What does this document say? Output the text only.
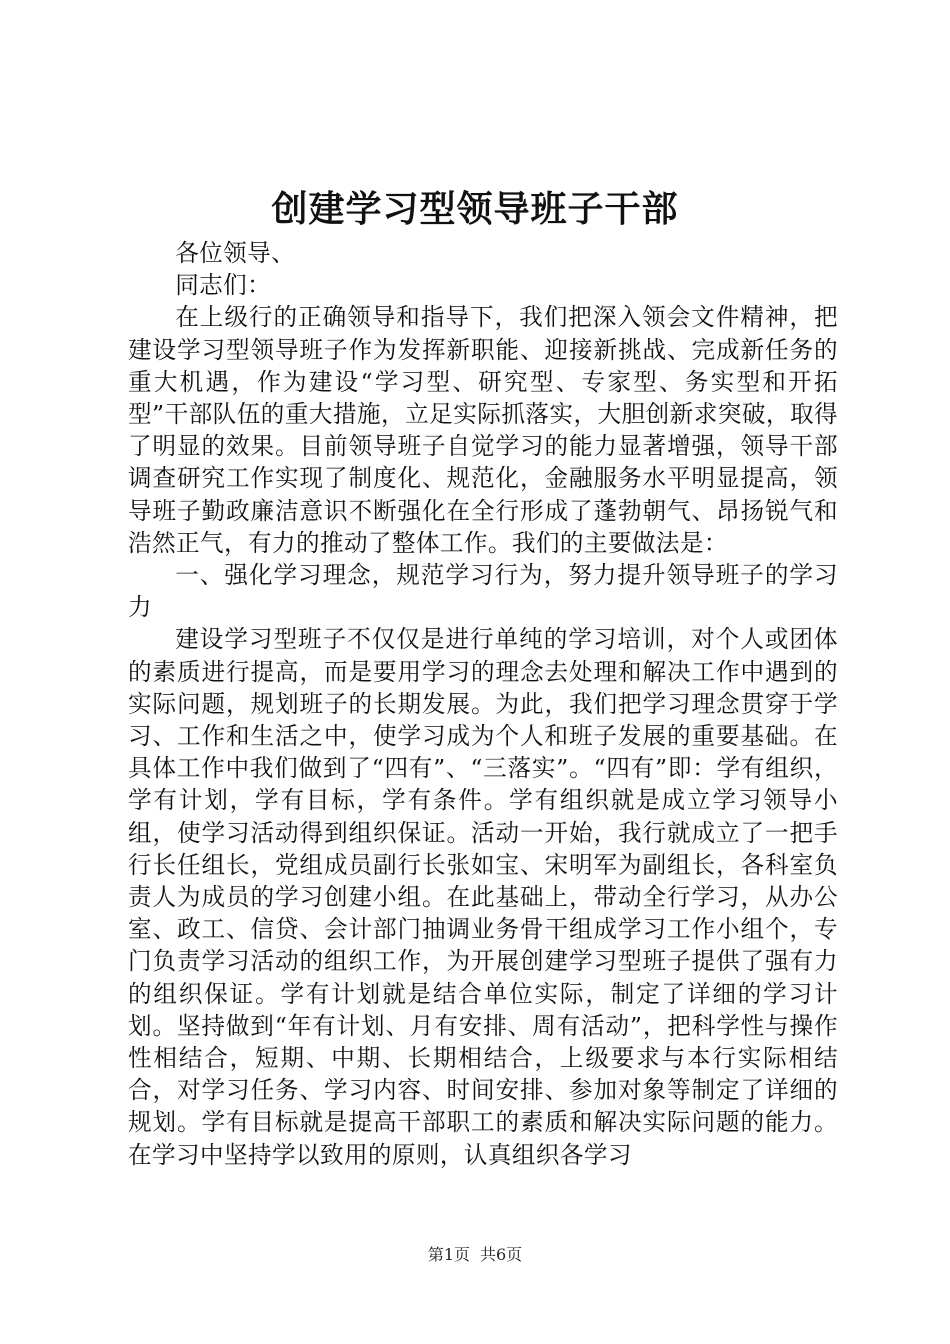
创建学习型领导班子干部

各位领导、

同志们：

在上级行的正确领导和指导下，我们把深入领会文件精神，把建设学习型领导班子作为发挥新职能、迎接新挑战、完成新任务的重大机遇，作为建设“学习型、研究型、专家型、务实型和开拓型”干部队伍的重大措施，立足实际抓落实，大胆创新求突破，取得了明显的效果。目前领导班子自觉学习的能力显著增强，领导干部调查研究工作实现了制度化、规范化，金融服务水平明显提高，领导班子勤政廉洁意识不断强化在全行形成了蓬勃朝气、昂扬锐气和浩然正气，有力的推动了整体工作。我们的主要做法是：

一、强化学习理念，规范学习行为，努力提升领导班子的学习力

建设学习型班子不仅仅是进行单纯的学习培训，对个人或团体的素质进行提高，而是要用学习的理念去处理和解决工作中遇到的实际问题，规划班子的长期发展。为此，我们把学习理念贯穿于学习、工作和生活之中，使学习成为个人和班子发展的重要基础。在具体工作中我们做到了“四有”、“三落实”。“四有”即：学有组织，学有计划，学有目标，学有条件。学有组织就是成立学习领导小组，使学习活动得到组织保证。活动一开始，我行就成立了一把手行长任组长，党组成员副行长张如宝、宋明军为副组长，各科室负责人为成员的学习创建小组。在此基础上，带动全行学习，从办公室、政工、信贷、会计部门抽调业务骨干组成学习工作小组个，专门负责学习活动的组织工作，为开展创建学习型班子提供了强有力的组织保证。学有计划就是结合单位实际，制定了详细的学习计划。坚持做到“年有计划、月有安排、周有活动”，把科学性与操作性相结合，短期、中期、长期相结合，上级要求与本行实际相结合，对学习任务、学习内容、时间安排、参加对象等制定了详细的规划。学有目标就是提高干部职工的素质和解决实际问题的能力。在学习中坚持学以致用的原则，认真组织各学习

第1页 共6页
